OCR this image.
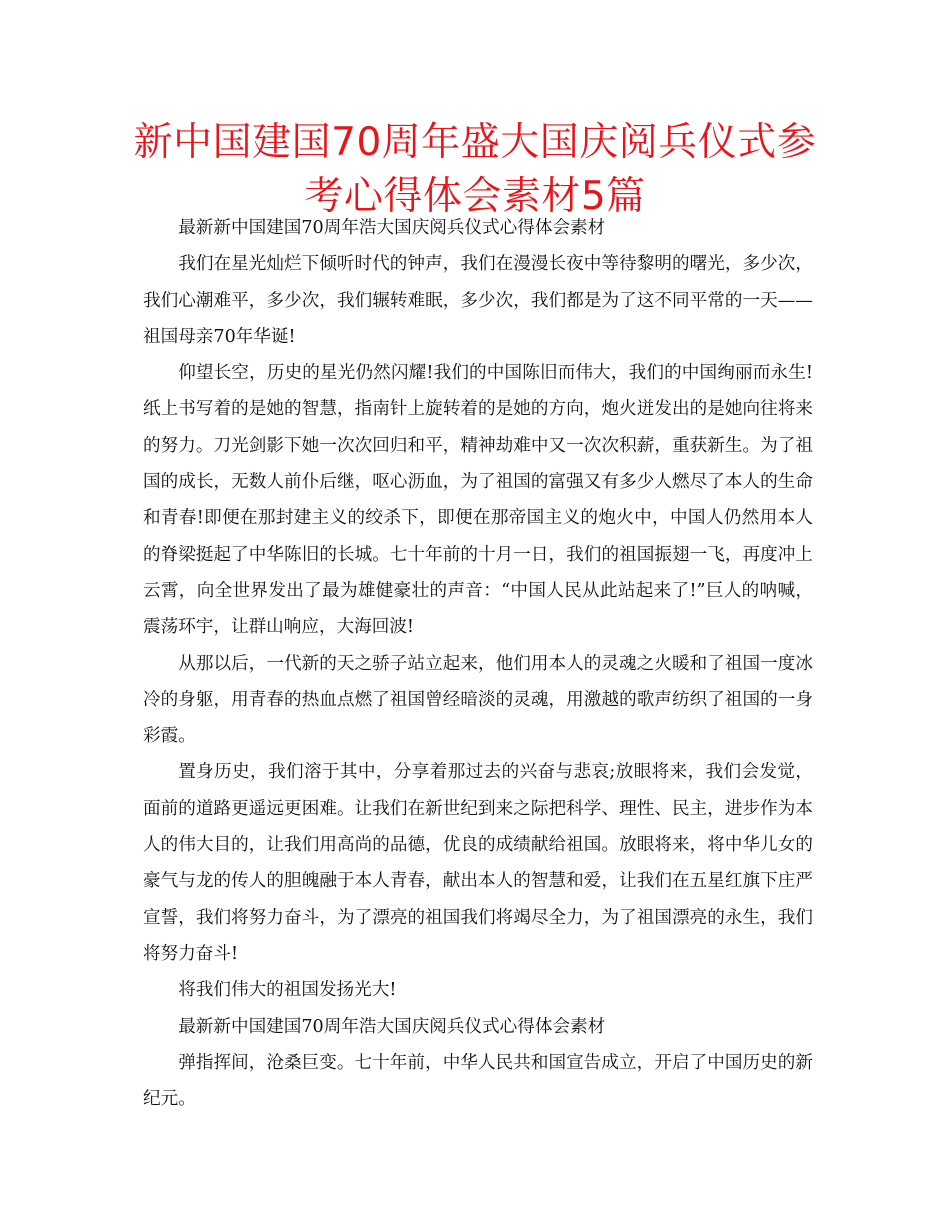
新中国建国70周年盛大国庆阅兵仪式参考心得体会素材5篇

最新新中国建国70周年浩大国庆阅兵仪式心得体会素材

我们在星光灿烂下倾听时代的钟声，我们在漫漫长夜中等待黎明的曙光，多少次，我们心潮难平，多少次，我们辗转难眠，多少次，我们都是为了这不同平常的一天——祖国母亲70年华诞!

仰望长空，历史的星光仍然闪耀!我们的中国陈旧而伟大，我们的中国绚丽而永生!纸上书写着的是她的智慧，指南针上旋转着的是她的方向，炮火迸发出的是她向往将来的努力。刀光剑影下她一次次回归和平，精神劫难中又一次次积薪，重获新生。为了祖国的成长，无数人前仆后继，呕心沥血，为了祖国的富强又有多少人燃尽了本人的生命和青春!即便在那封建主义的绞杀下，即便在那帝国主义的炮火中，中国人仍然用本人的脊梁挺起了中华陈旧的长城。七十年前的十月一日，我们的祖国振翅一飞，再度冲上云霄，向全世界发出了最为雄健豪壮的声音：“中国人民从此站起来了!”巨人的呐喊，震荡环宇，让群山响应，大海回波!

从那以后，一代新的天之骄子站立起来，他们用本人的灵魂之火暖和了祖国一度冰冷的身躯，用青春的热血点燃了祖国曾经暗淡的灵魂，用激越的歌声纺织了祖国的一身彩霞。

置身历史，我们溶于其中，分享着那过去的兴奋与悲哀;放眼将来，我们会发觉，面前的道路更遥远更困难。让我们在新世纪到来之际把科学、理性、民主，进步作为本人的伟大目的，让我们用高尚的品德，优良的成绩献给祖国。放眼将来，将中华儿女的豪气与龙的传人的胆魄融于本人青春，献出本人的智慧和爱，让我们在五星红旗下庄严宣誓，我们将努力奋斗，为了漂亮的祖国我们将竭尽全力，为了祖国漂亮的永生，我们将努力奋斗!

将我们伟大的祖国发扬光大!

最新新中国建国70周年浩大国庆阅兵仪式心得体会素材

弹指挥间，沧桑巨变。七十年前，中华人民共和国宣告成立，开启了中国历史的新纪元。
